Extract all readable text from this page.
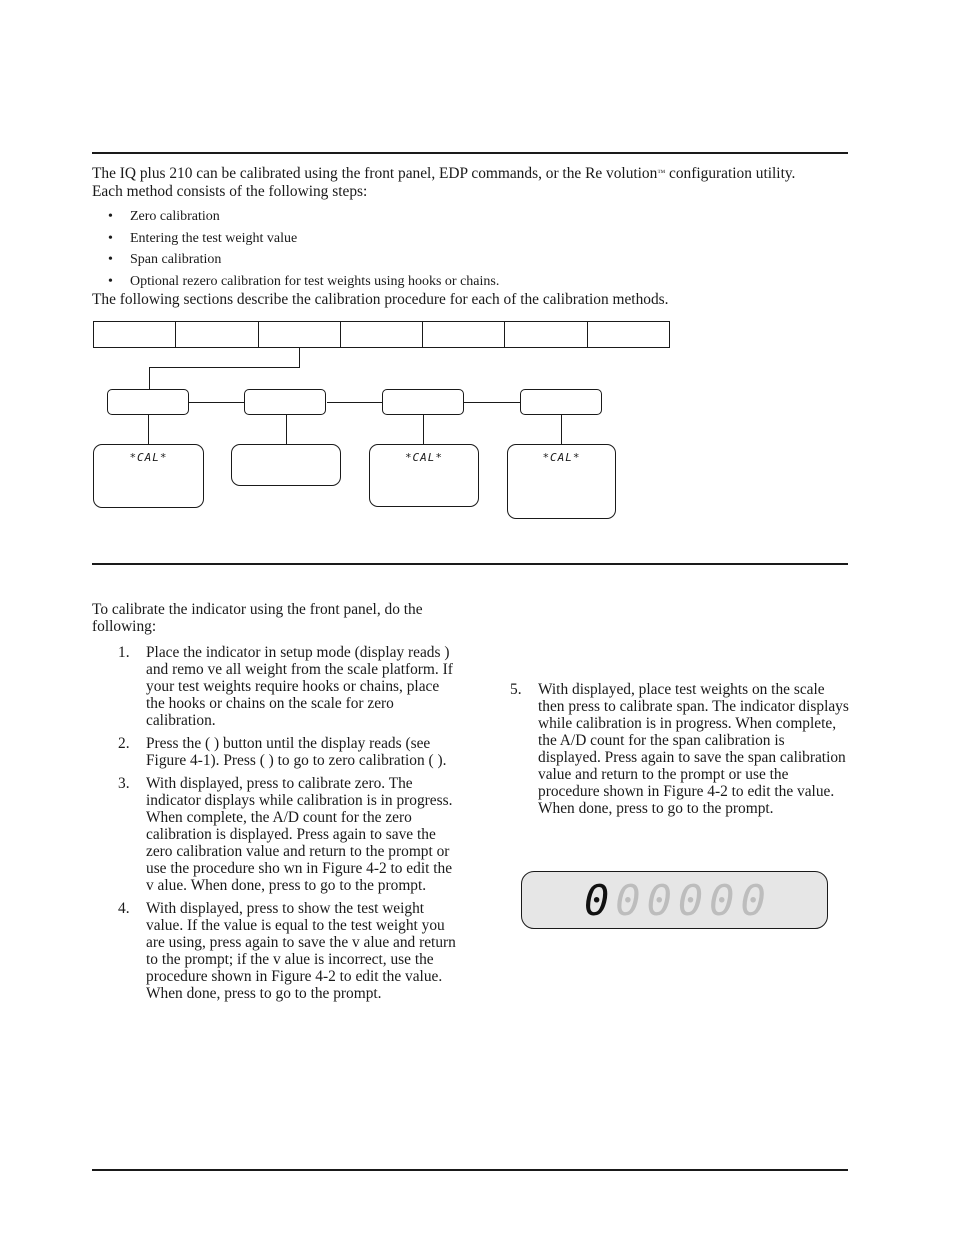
The IQ plus 210 can be calibrated using the front panel, EDP commands, or the Re volution™ configuration utility.
Each method consists of the following steps:
• Zero calibration
• Entering the test weight value
• Span calibration
• Optional rezero calibration for test weights using hooks or chains.
The following sections describe the calibration procedure for each of the calibration methods.
*CAL*	*CAL*	*CAL*
To calibrate the indicator using the front panel, do the following:
1. Place the indicator in setup mode (display reads ) and remo ve all weight from the scale platform. If your test weights require hooks or chains, place the hooks or chains on the scale for zero calibration.
2. Press the ( ) button until the display reads (see Figure 4-1). Press ( ) to go to zero calibration ( ).
3. With displayed, press to calibrate zero. The indicator displays while calibration is in progress. When complete, the A/D count for the zero calibration is displayed. Press again to save the zero calibration value and return to the prompt or use the procedure sho wn in Figure 4-2 to edit the v alue. When done, press to go to the prompt.
4. With displayed, press to show the test weight value. If the value is equal to the test weight you are using, press again to save the v alue and return to the prompt; if the v alue is incorrect, use the procedure shown in Figure 4-2 to edit the value. When done, press to go to the prompt.
5. With displayed, place test weights on the scale then press to calibrate span. The indicator displays while calibration is in progress. When complete, the A/D count for the span calibration is displayed. Press again to save the span calibration value and return to the prompt or use the procedure shown in Figure 4-2 to edit the value. When done, press to go to the prompt.
000000
